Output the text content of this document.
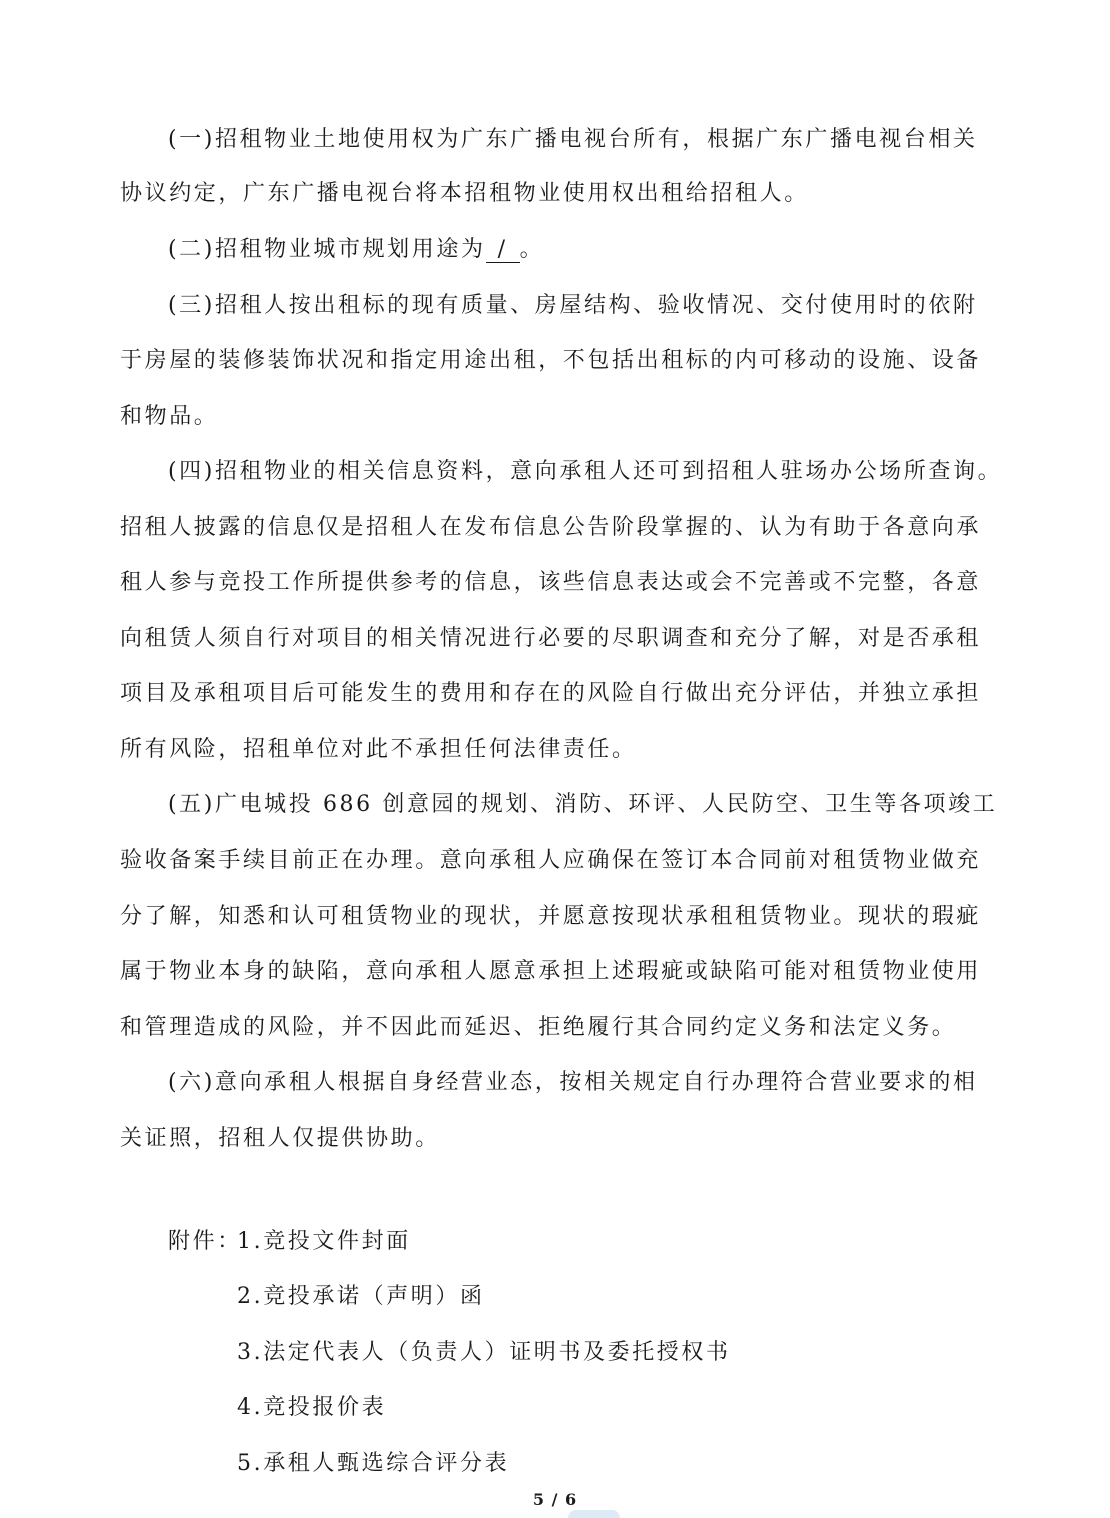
(一)招租物业土地使用权为广东广播电视台所有，根据广东广播电视台相关
协议约定，广东广播电视台将本招租物业使用权出租给招租人。
(二)招租物业城市规划用途为 / 。
(三)招租人按出租标的现有质量、房屋结构、验收情况、交付使用时的依附
于房屋的装修装饰状况和指定用途出租，不包括出租标的内可移动的设施、设备
和物品。
(四)招租物业的相关信息资料，意向承租人还可到招租人驻场办公场所查询。
招租人披露的信息仅是招租人在发布信息公告阶段掌握的、认为有助于各意向承
租人参与竞投工作所提供参考的信息，该些信息表达或会不完善或不完整，各意
向租赁人须自行对项目的相关情况进行必要的尽职调查和充分了解，对是否承租
项目及承租项目后可能发生的费用和存在的风险自行做出充分评估，并独立承担
所有风险，招租单位对此不承担任何法律责任。
(五)广电城投 686 创意园的规划、消防、环评、人民防空、卫生等各项竣工
验收备案手续目前正在办理。意向承租人应确保在签订本合同前对租赁物业做充
分了解，知悉和认可租赁物业的现状，并愿意按现状承租租赁物业。现状的瑕疵
属于物业本身的缺陷，意向承租人愿意承担上述瑕疵或缺陷可能对租赁物业使用
和管理造成的风险，并不因此而延迟、拒绝履行其合同约定义务和法定义务。
(六)意向承租人根据自身经营业态，按相关规定自行办理符合营业要求的相
关证照，招租人仅提供协助。
附件：
1.竞投文件封面
2.竞投承诺（声明）函
3.法定代表人（负责人）证明书及委托授权书
4.竞投报价表
5.承租人甄选综合评分表
5 / 6
